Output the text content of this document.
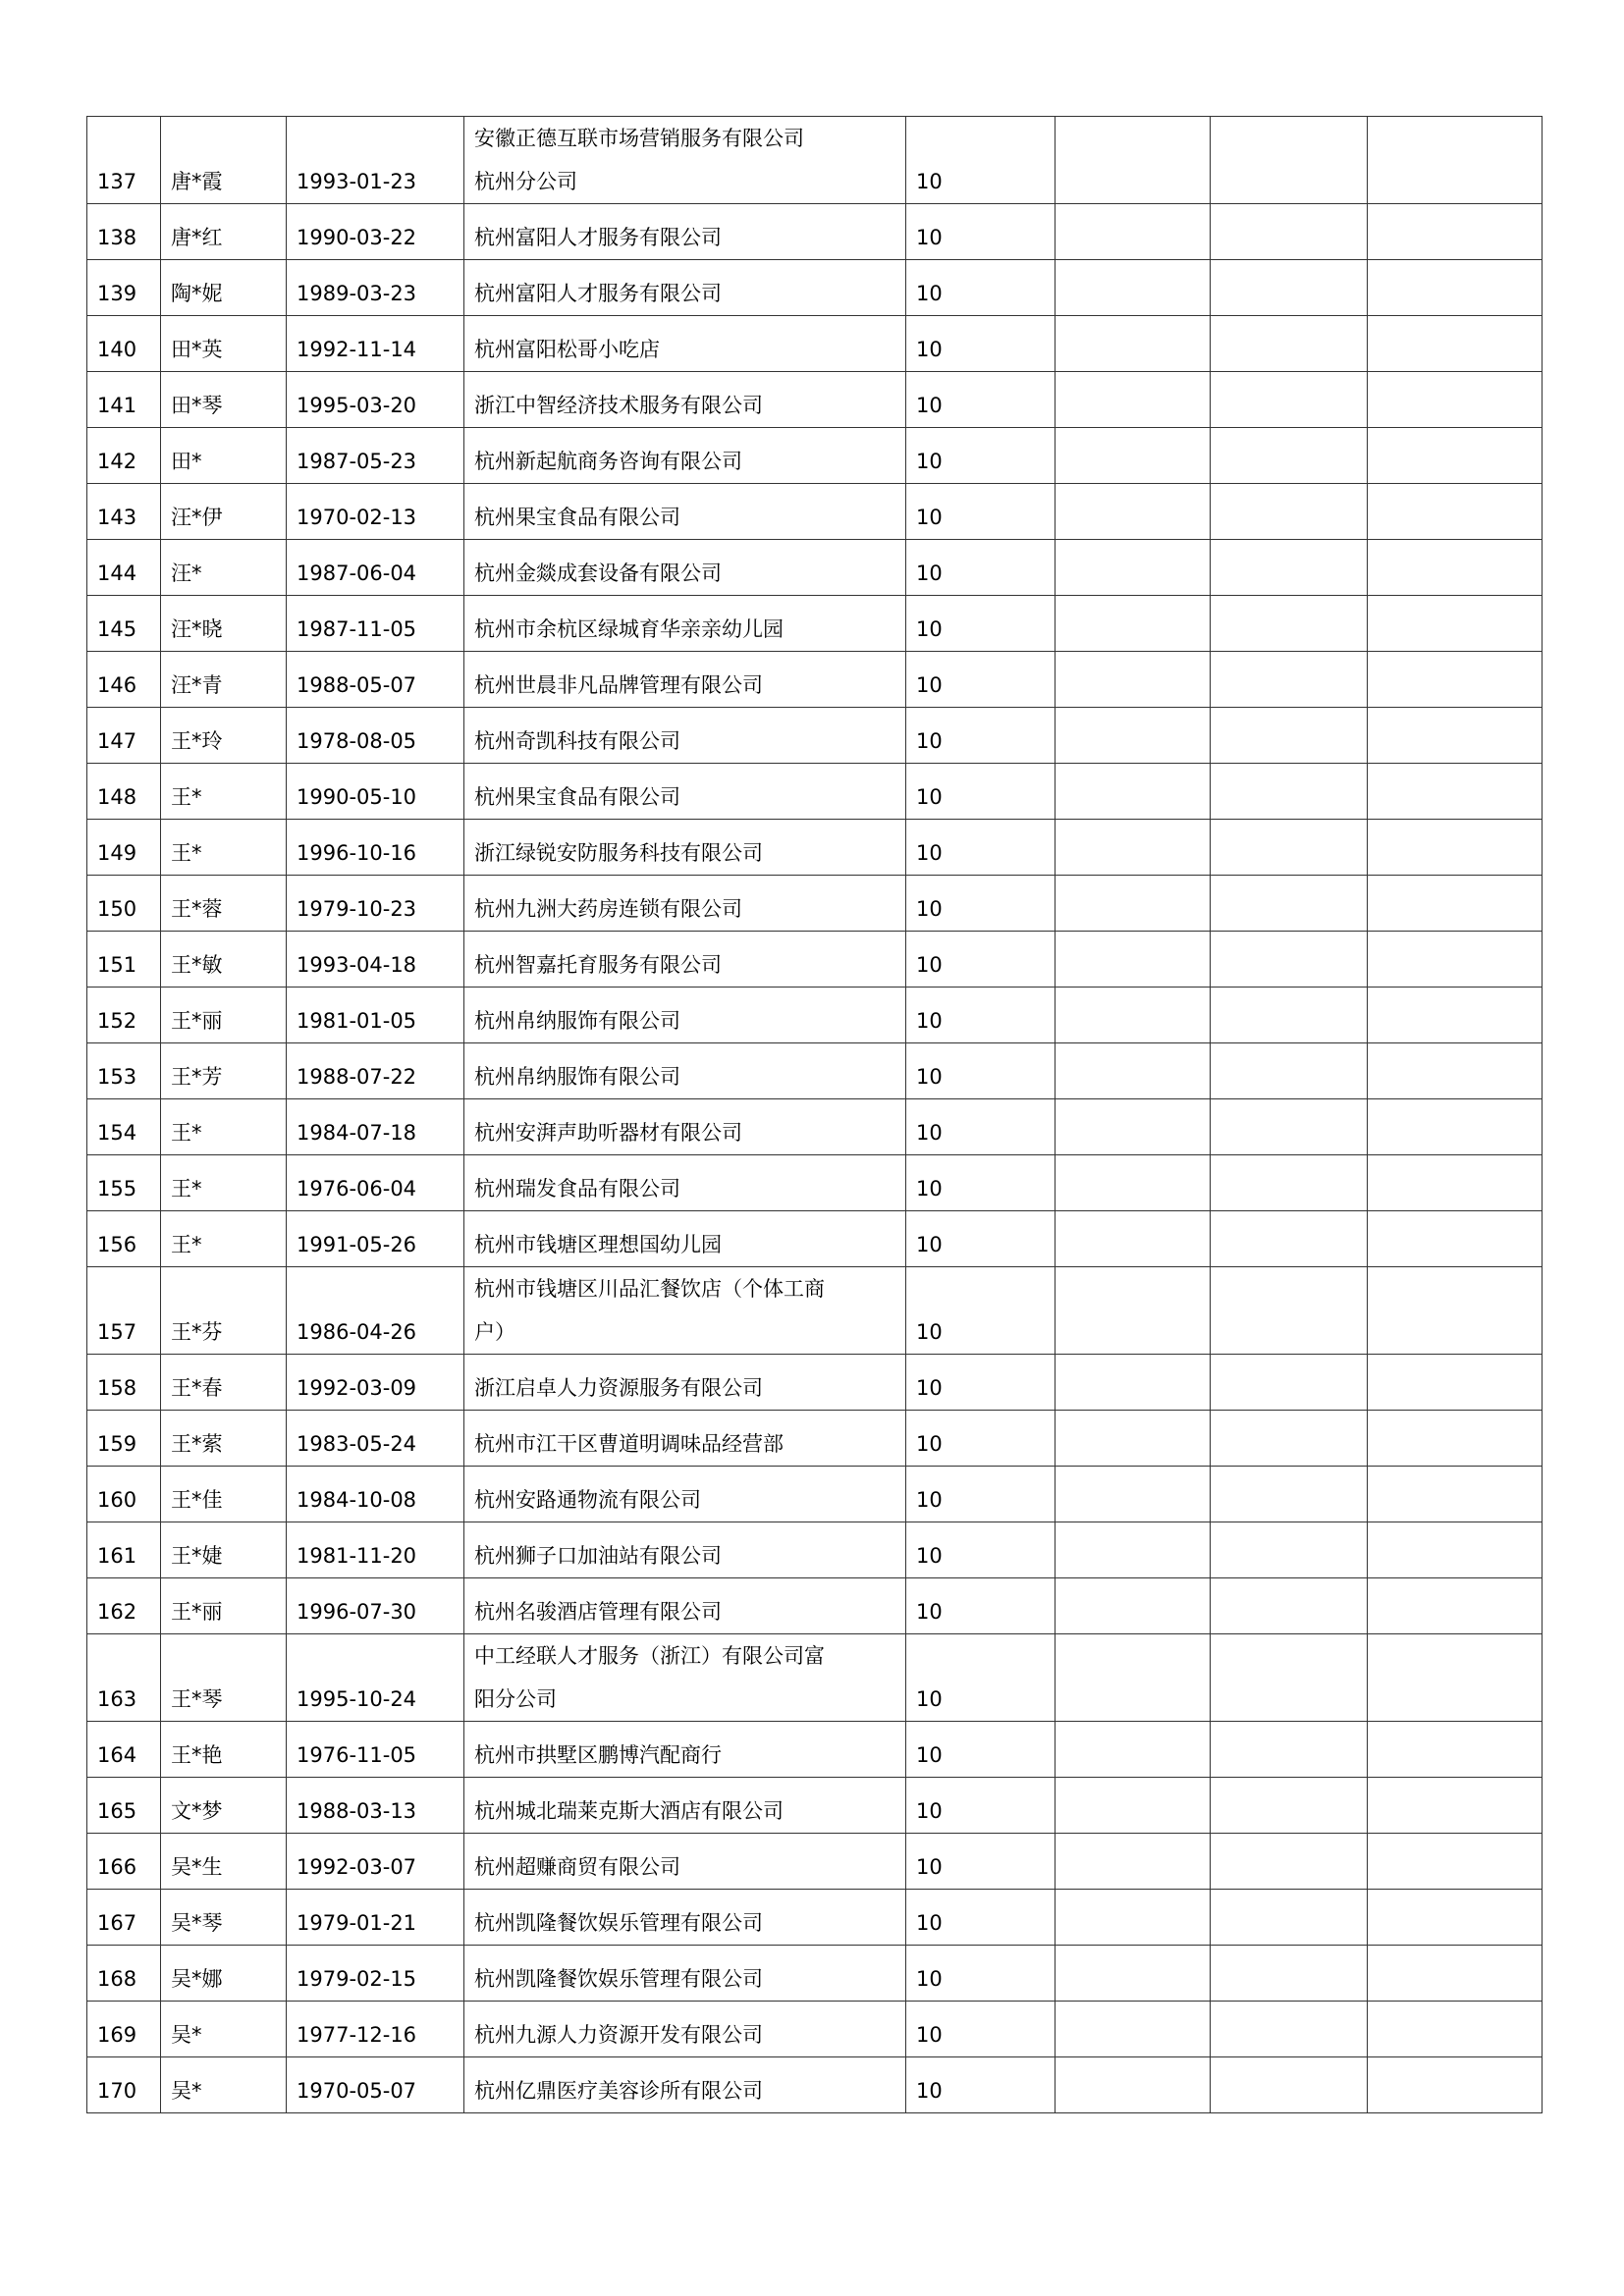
137	唐*霞	1993-01-23	安徽正德互联市场营销服务有限公司
杭州分公司	10			
138	唐*红	1990-03-22	杭州富阳人才服务有限公司	10			
139	陶*妮	1989-03-23	杭州富阳人才服务有限公司	10			
140	田*英	1992-11-14	杭州富阳松哥小吃店	10			
141	田*琴	1995-03-20	浙江中智经济技术服务有限公司	10			
142	田*	1987-05-23	杭州新起航商务咨询有限公司	10			
143	汪*伊	1970-02-13	杭州果宝食品有限公司	10			
144	汪*	1987-06-04	杭州金燚成套设备有限公司	10			
145	汪*晓	1987-11-05	杭州市余杭区绿城育华亲亲幼儿园	10			
146	汪*青	1988-05-07	杭州世晨非凡品牌管理有限公司	10			
147	王*玲	1978-08-05	杭州奇凯科技有限公司	10			
148	王*	1990-05-10	杭州果宝食品有限公司	10			
149	王*	1996-10-16	浙江绿锐安防服务科技有限公司	10			
150	王*蓉	1979-10-23	杭州九洲大药房连锁有限公司	10			
151	王*敏	1993-04-18	杭州智嘉托育服务有限公司	10			
152	王*丽	1981-01-05	杭州帛纳服饰有限公司	10			
153	王*芳	1988-07-22	杭州帛纳服饰有限公司	10			
154	王*	1984-07-18	杭州安湃声助听器材有限公司	10			
155	王*	1976-06-04	杭州瑞发食品有限公司	10			
156	王*	1991-05-26	杭州市钱塘区理想国幼儿园	10			
157	王*芬	1986-04-26	杭州市钱塘区川品汇餐饮店（个体工商
户）	10			
158	王*春	1992-03-09	浙江启卓人力资源服务有限公司	10			
159	王*萦	1983-05-24	杭州市江干区曹道明调味品经营部	10			
160	王*佳	1984-10-08	杭州安路通物流有限公司	10			
161	王*婕	1981-11-20	杭州狮子口加油站有限公司	10			
162	王*丽	1996-07-30	杭州名骏酒店管理有限公司	10			
163	王*琴	1995-10-24	中工经联人才服务（浙江）有限公司富
阳分公司	10			
164	王*艳	1976-11-05	杭州市拱墅区鹏博汽配商行	10			
165	文*梦	1988-03-13	杭州城北瑞莱克斯大酒店有限公司	10			
166	吴*生	1992-03-07	杭州超赚商贸有限公司	10			
167	吴*琴	1979-01-21	杭州凯隆餐饮娱乐管理有限公司	10			
168	吴*娜	1979-02-15	杭州凯隆餐饮娱乐管理有限公司	10			
169	吴*	1977-12-16	杭州九源人力资源开发有限公司	10			
170	吴*	1970-05-07	杭州亿鼎医疗美容诊所有限公司	10			
